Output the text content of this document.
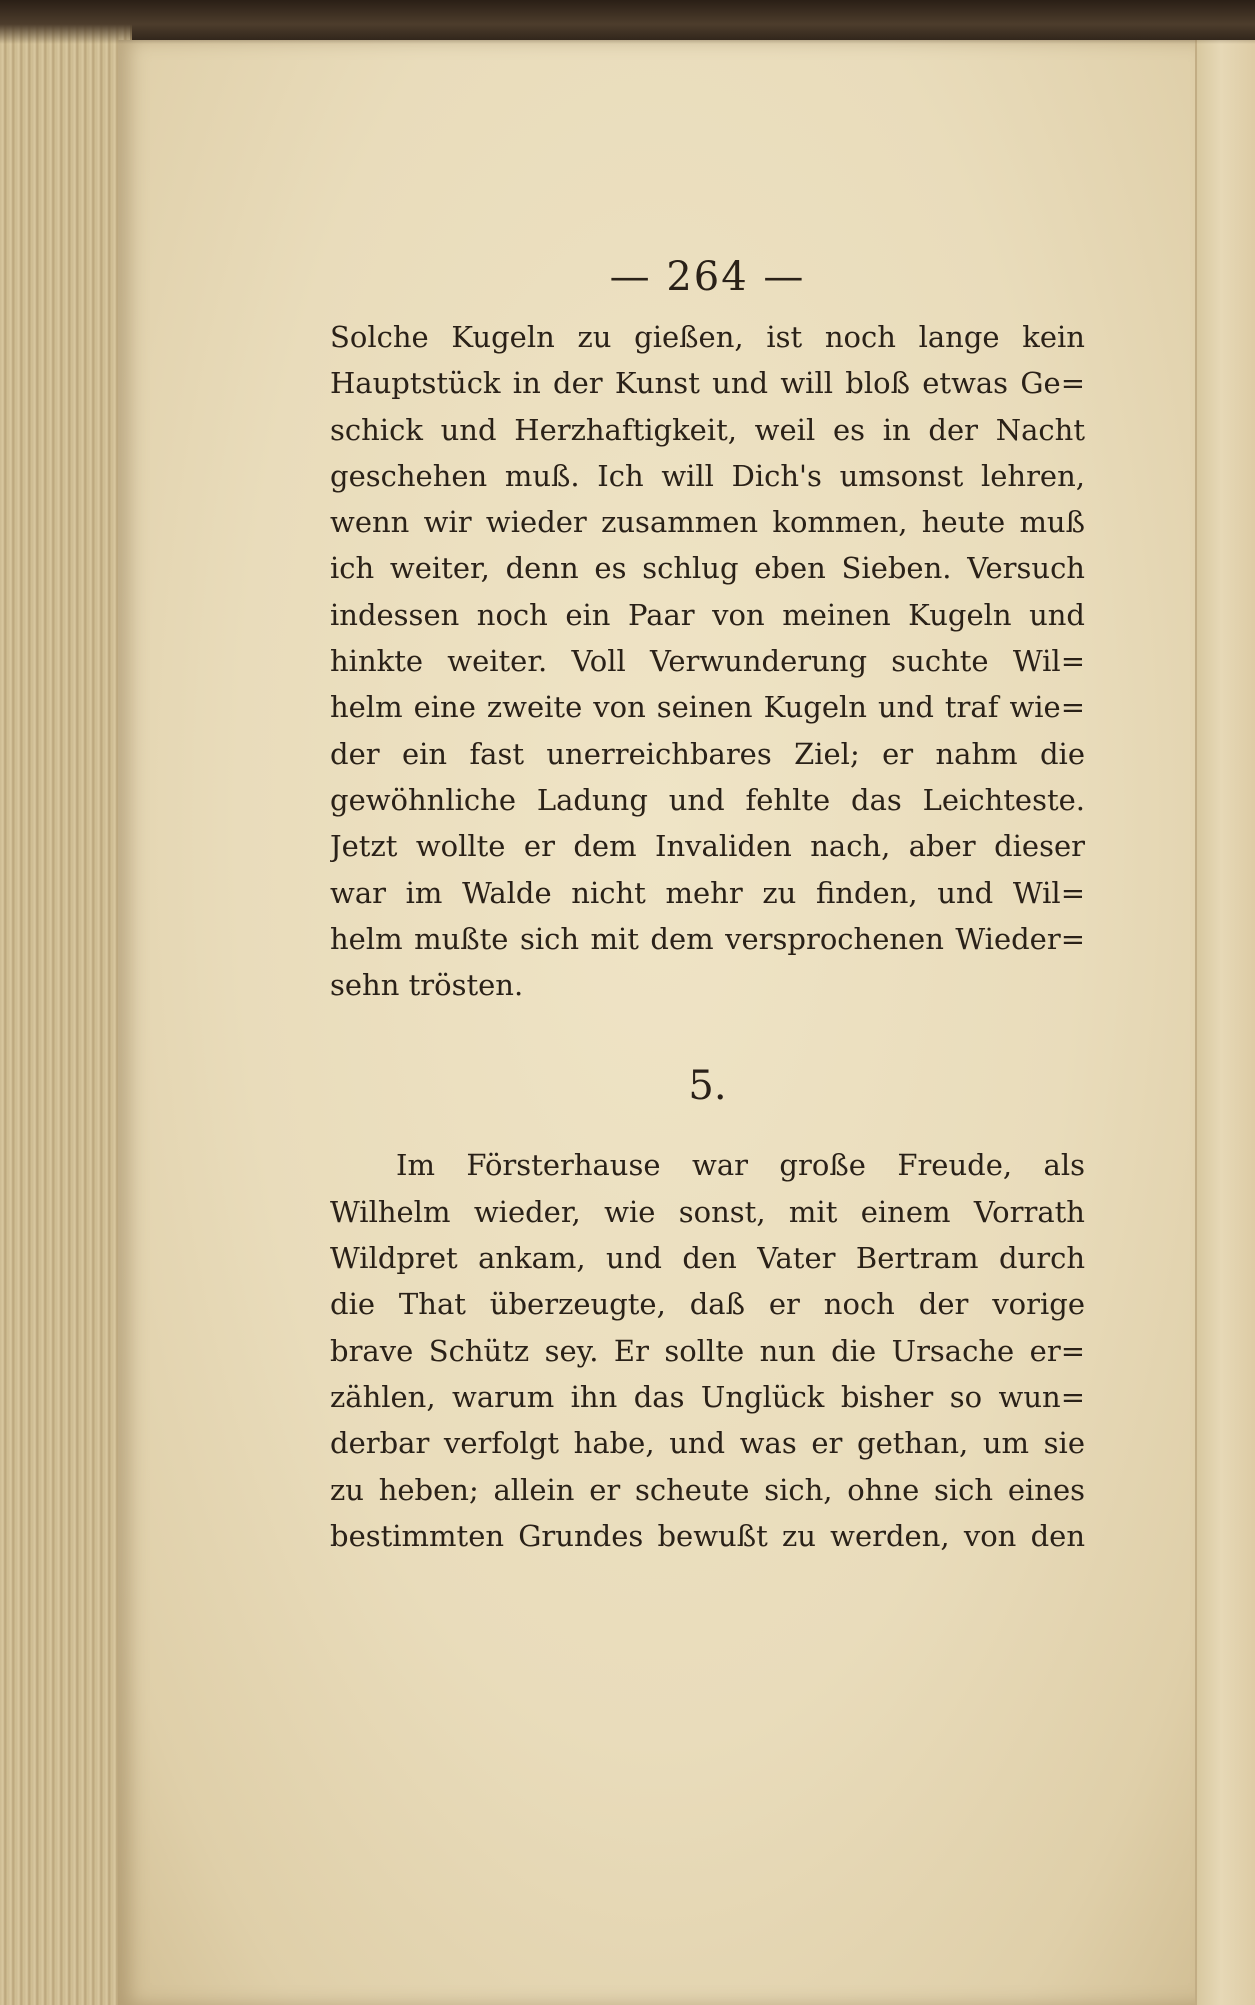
— 264 —
Solche Kugeln zu gießen, ist noch lange kein
Hauptstück in der Kunst und will bloß etwas Ge=
schick und Herzhaftigkeit, weil es in der Nacht
geschehen muß. Ich will Dich's umsonst lehren,
wenn wir wieder zusammen kommen, heute muß
ich weiter, denn es schlug eben Sieben. Versuch
indessen noch ein Paar von meinen Kugeln und
hinkte weiter. Voll Verwunderung suchte Wil=
helm eine zweite von seinen Kugeln und traf wie=
der ein fast unerreichbares Ziel; er nahm die
gewöhnliche Ladung und fehlte das Leichteste.
Jetzt wollte er dem Invaliden nach, aber dieser
war im Walde nicht mehr zu finden, und Wil=
helm mußte sich mit dem versprochenen Wieder=
sehn trösten.
5.
Im Försterhause war große Freude, als
Wilhelm wieder, wie sonst, mit einem Vorrath
Wildpret ankam, und den Vater Bertram durch
die That überzeugte, daß er noch der vorige
brave Schütz sey. Er sollte nun die Ursache er=
zählen, warum ihn das Unglück bisher so wun=
derbar verfolgt habe, und was er gethan, um sie
zu heben; allein er scheute sich, ohne sich eines
bestimmten Grundes bewußt zu werden, von den
